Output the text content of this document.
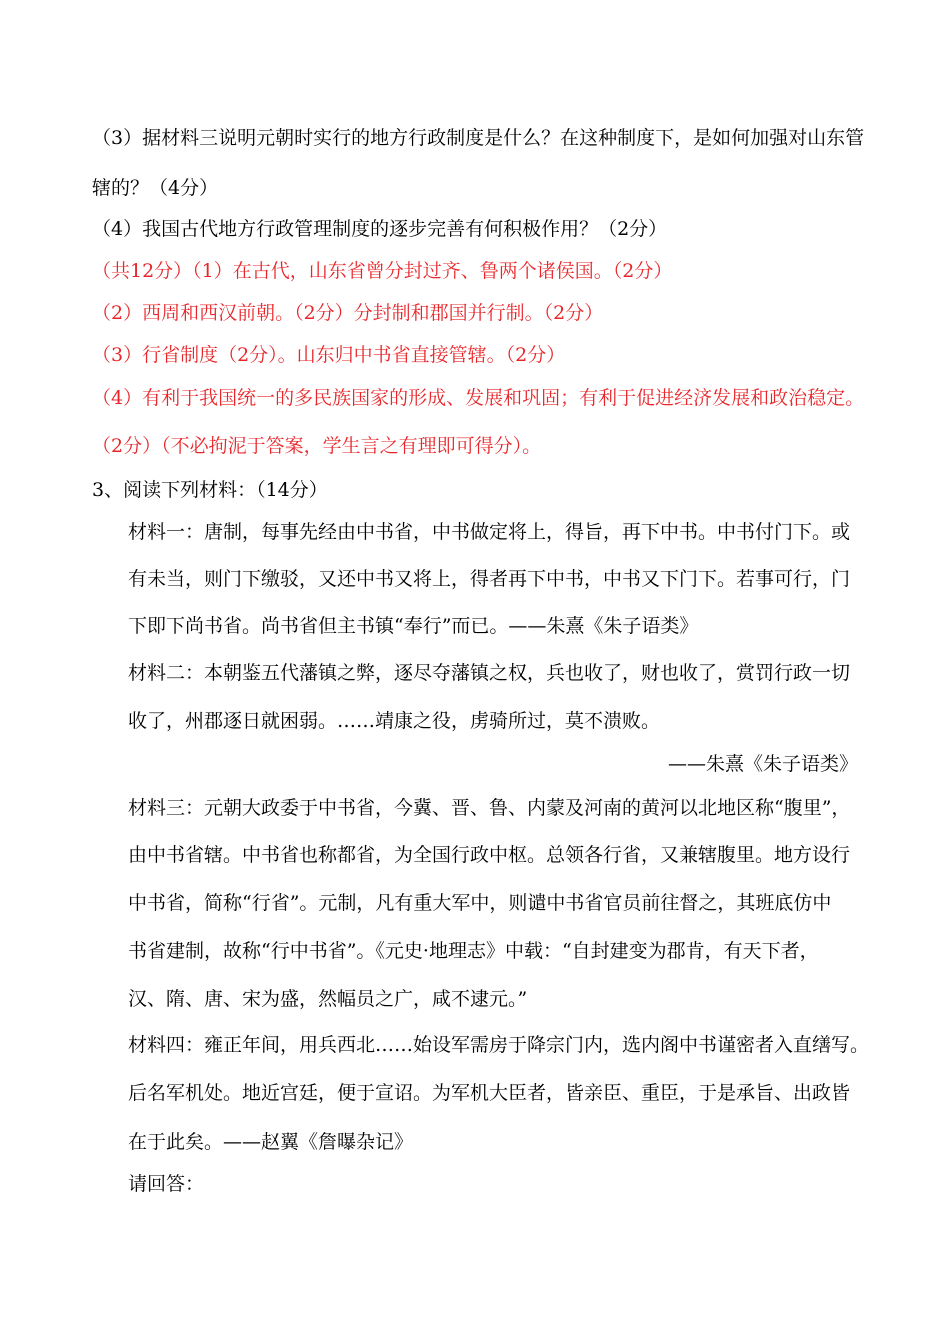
（3）据材料三说明元朝时实行的地方行政制度是什么？在这种制度下，是如何加强对山东管
辖的？（4分）
（4）我国古代地方行政管理制度的逐步完善有何积极作用？（2分）
（共12分）（1）在古代，山东省曾分封过齐、鲁两个诸侯国。（2分）
（2）西周和西汉前朝。（2分）分封制和郡国并行制。（2分）
（3）行省制度（2分）。山东归中书省直接管辖。（2分）
（4）有利于我国统一的多民族国家的形成、发展和巩固；有利于促进经济发展和政治稳定。
（2分）（不必拘泥于答案，学生言之有理即可得分）。
3、阅读下列材料：（14分）
材料一：唐制，每事先经由中书省，中书做定将上，得旨，再下中书。中书付门下。或
有未当，则门下缴驳，又还中书又将上，得者再下中书，中书又下门下。若事可行，门
下即下尚书省。尚书省但主书镇“奉行”而已。——朱熹《朱子语类》
材料二：本朝鉴五代藩镇之弊，逐尽夺藩镇之权，兵也收了，财也收了，赏罚行政一切
收了，州郡逐日就困弱。……靖康之役，虏骑所过，莫不溃败。
——朱熹《朱子语类》
材料三：元朝大政委于中书省，今冀、晋、鲁、内蒙及河南的黄河以北地区称“腹里”，
由中书省辖。中书省也称都省，为全国行政中枢。总领各行省，又兼辖腹里。地方设行
中书省，简称“行省”。元制，凡有重大军中，则谴中书省官员前往督之，其班底仿中
书省建制，故称“行中书省”。《元史·地理志》中载：“自封建变为郡肯，有天下者，
汉、隋、唐、宋为盛，然幅员之广，咸不逮元。”
材料四：雍正年间，用兵西北……始设军需房于降宗门内，选内阁中书谨密者入直缮写。
后名军机处。地近宫廷，便于宣诏。为军机大臣者，皆亲臣、重臣，于是承旨、出政皆
在于此矣。——赵翼《詹曝杂记》
请回答：
